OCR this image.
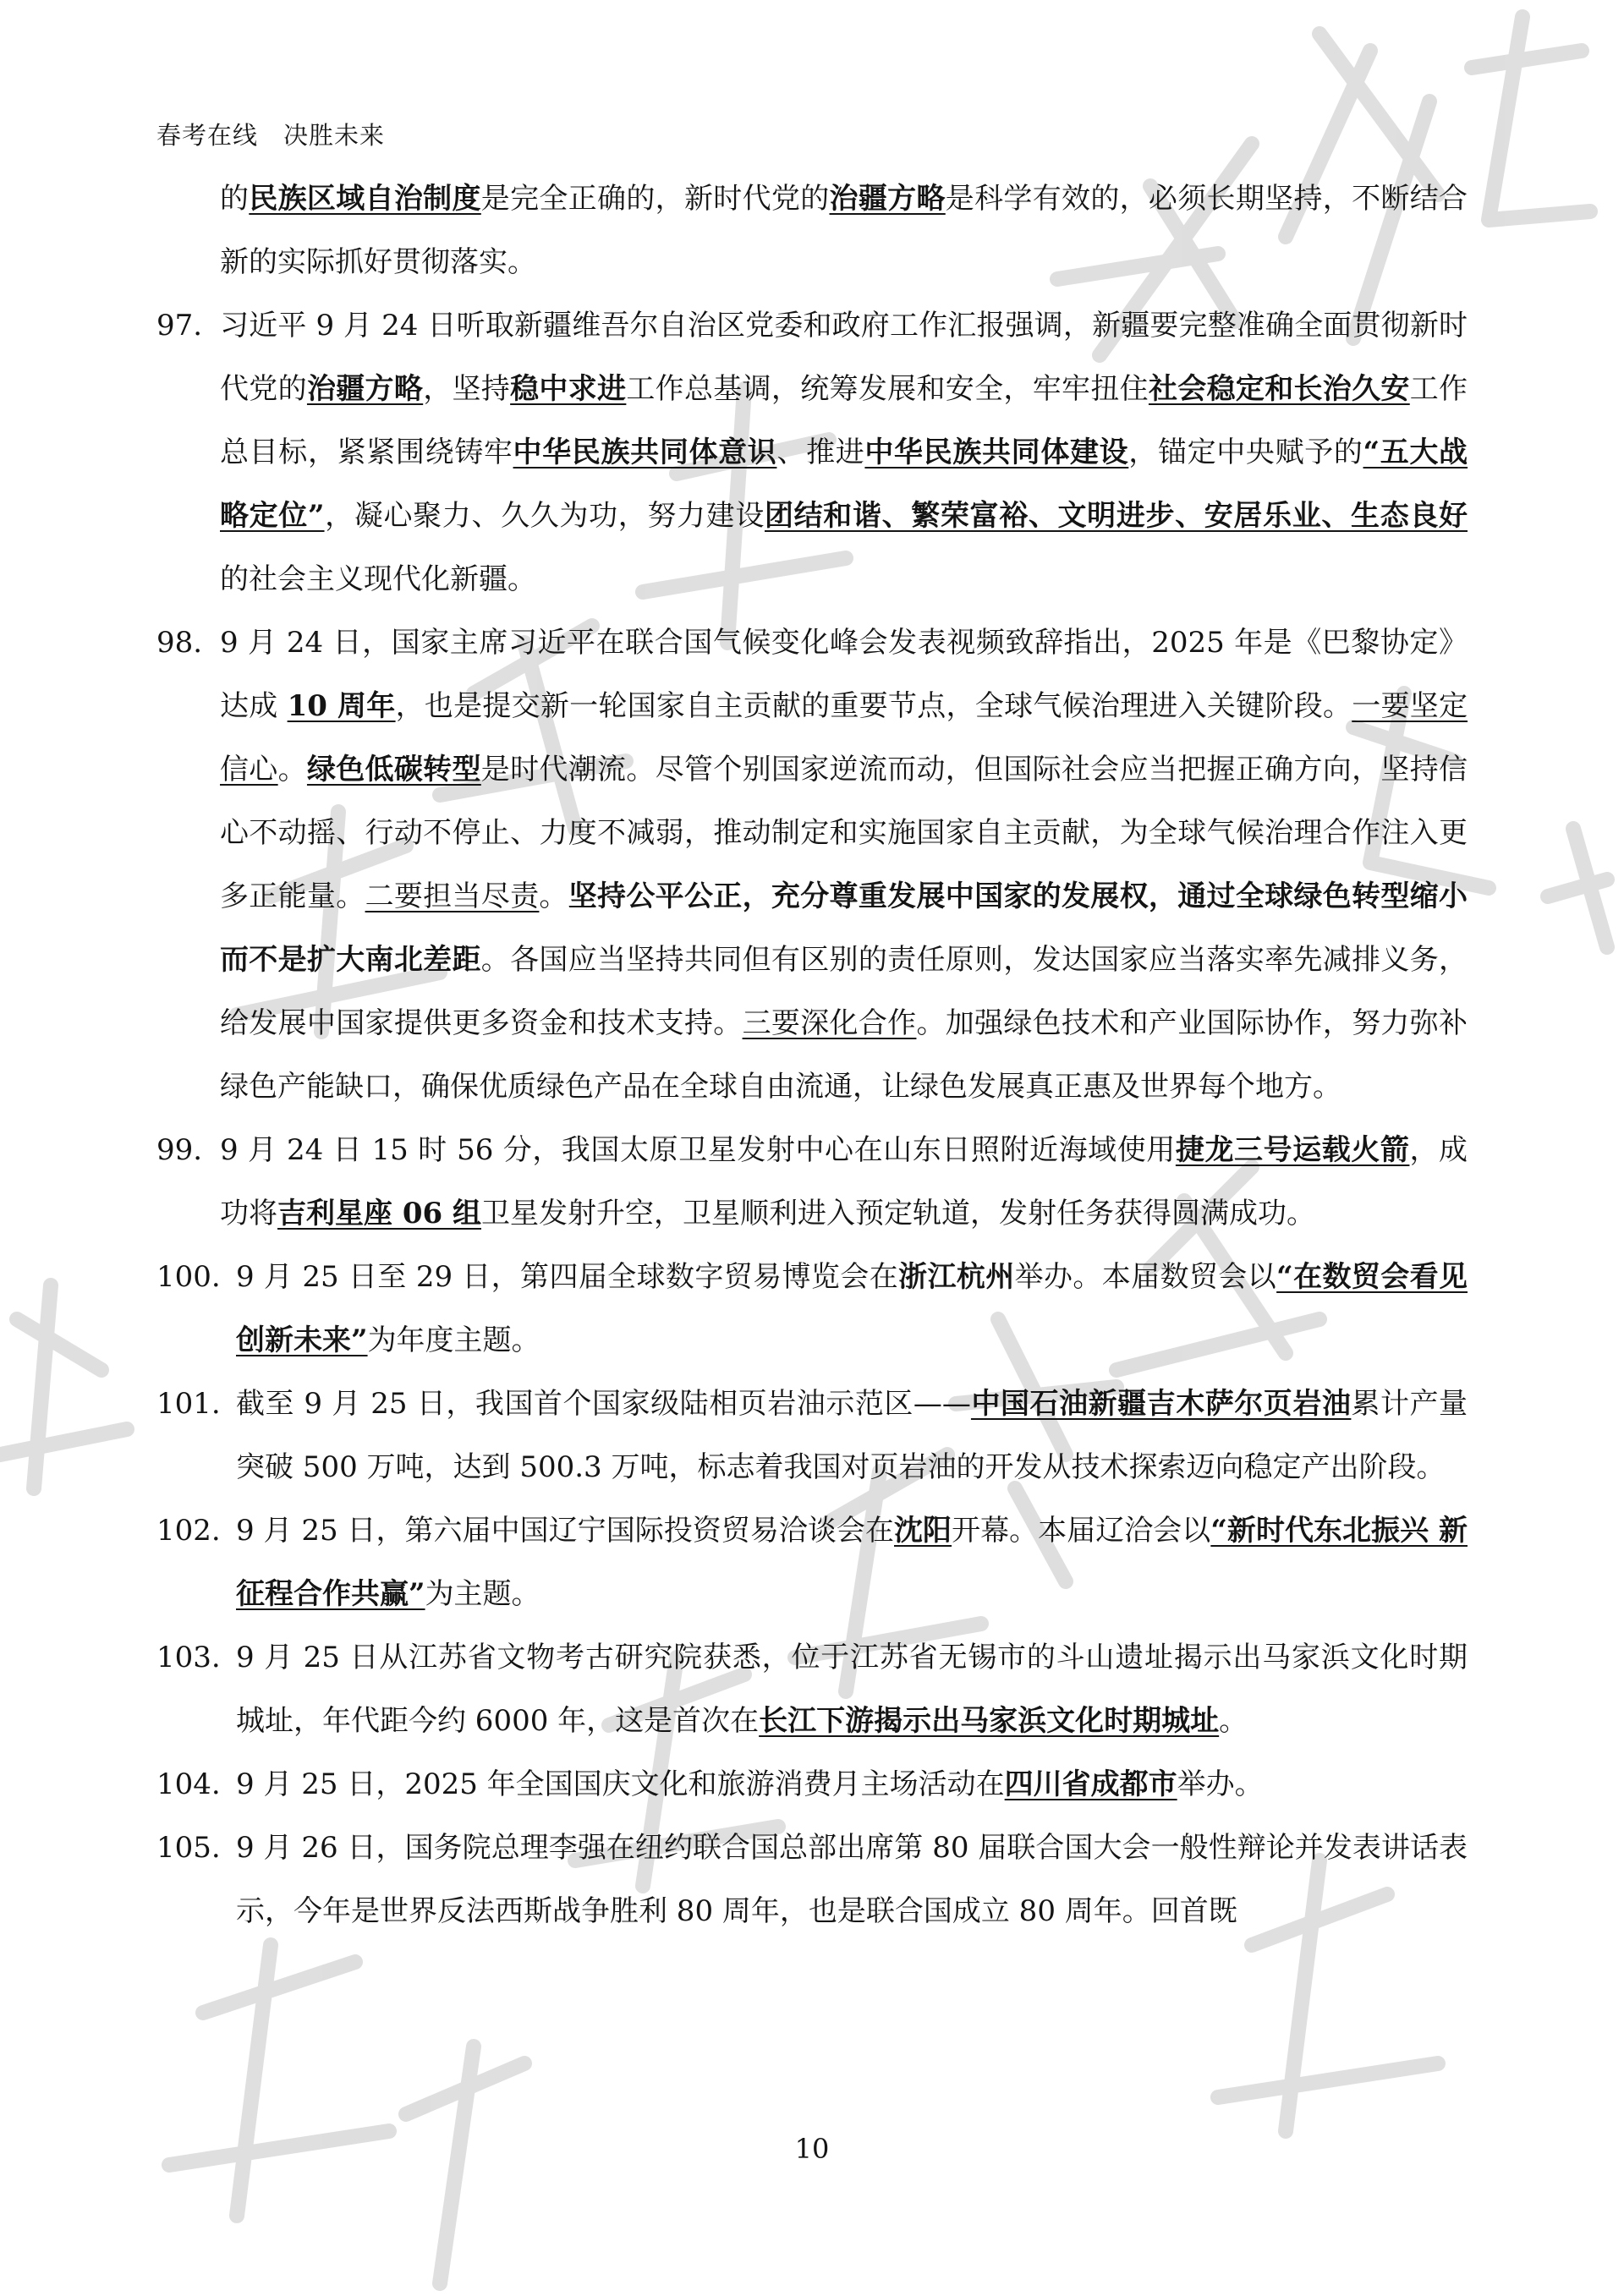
春考在线　决胜未来

的民族区域自治制度是完全正确的，新时代党的治疆方略是科学有效的，必须长期坚持，不断结合新的实际抓好贯彻落实。

97. 习近平 9 月 24 日听取新疆维吾尔自治区党委和政府工作汇报强调，新疆要完整准确全面贯彻新时代党的治疆方略，坚持稳中求进工作总基调，统筹发展和安全，牢牢扭住社会稳定和长治久安工作总目标，紧紧围绕铸牢中华民族共同体意识、推进中华民族共同体建设，锚定中央赋予的“五大战略定位”，凝心聚力、久久为功，努力建设团结和谐、繁荣富裕、文明进步、安居乐业、生态良好的社会主义现代化新疆。

98. 9 月 24 日，国家主席习近平在联合国气候变化峰会发表视频致辞指出，2025 年是《巴黎协定》达成 10 周年，也是提交新一轮国家自主贡献的重要节点，全球气候治理进入关键阶段。一要坚定信心。绿色低碳转型是时代潮流。尽管个别国家逆流而动，但国际社会应当把握正确方向，坚持信心不动摇、行动不停止、力度不减弱，推动制定和实施国家自主贡献，为全球气候治理合作注入更多正能量。二要担当尽责。坚持公平公正，充分尊重发展中国家的发展权，通过全球绿色转型缩小而不是扩大南北差距。各国应当坚持共同但有区别的责任原则，发达国家应当落实率先减排义务，给发展中国家提供更多资金和技术支持。三要深化合作。加强绿色技术和产业国际协作，努力弥补绿色产能缺口，确保优质绿色产品在全球自由流通，让绿色发展真正惠及世界每个地方。

99. 9 月 24 日 15 时 56 分，我国太原卫星发射中心在山东日照附近海域使用捷龙三号运载火箭，成功将吉利星座 06 组卫星发射升空，卫星顺利进入预定轨道，发射任务获得圆满成功。

100. 9 月 25 日至 29 日，第四届全球数字贸易博览会在浙江杭州举办。本届数贸会以“在数贸会看见创新未来”为年度主题。

101. 截至 9 月 25 日，我国首个国家级陆相页岩油示范区——中国石油新疆吉木萨尔页岩油累计产量突破 500 万吨，达到 500.3 万吨，标志着我国对页岩油的开发从技术探索迈向稳定产出阶段。

102. 9 月 25 日，第六届中国辽宁国际投资贸易洽谈会在沈阳开幕。本届辽洽会以“新时代东北振兴 新征程合作共赢”为主题。

103. 9 月 25 日从江苏省文物考古研究院获悉，位于江苏省无锡市的斗山遗址揭示出马家浜文化时期城址，年代距今约 6000 年，这是首次在长江下游揭示出马家浜文化时期城址。

104. 9 月 25 日，2025 年全国国庆文化和旅游消费月主场活动在四川省成都市举办。

105. 9 月 26 日，国务院总理李强在纽约联合国总部出席第 80 届联合国大会一般性辩论并发表讲话表示，今年是世界反法西斯战争胜利 80 周年，也是联合国成立 80 周年。回首既

10
